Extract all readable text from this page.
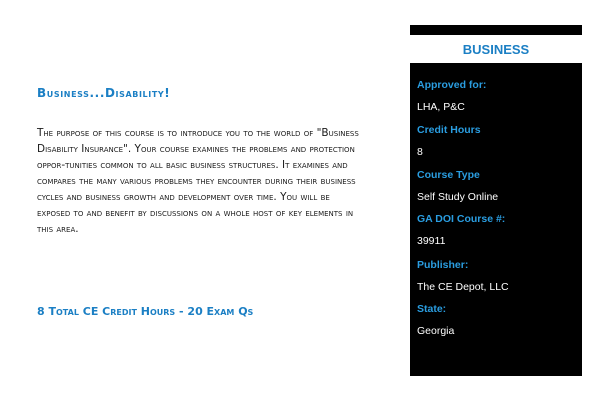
Business...Disability!

The purpose of this course is to introduce you to the world of "Business Disability Insurance". Your course examines the problems and protection oppor-tunities common to all basic business structures. It examines and compares the many various problems they encounter during their business cycles and business growth and development over time. You will be exposed to and benefit by discussions on a whole host of key elements in this area.

8 Total CE Credit Hours - 20 Exam Qs

BUSINESS
Approved for:
LHA, P&C
Credit Hours
8
Course Type
Self Study Online
GA DOI Course #:
39911
Publisher:
The CE Depot, LLC
State:
Georgia
